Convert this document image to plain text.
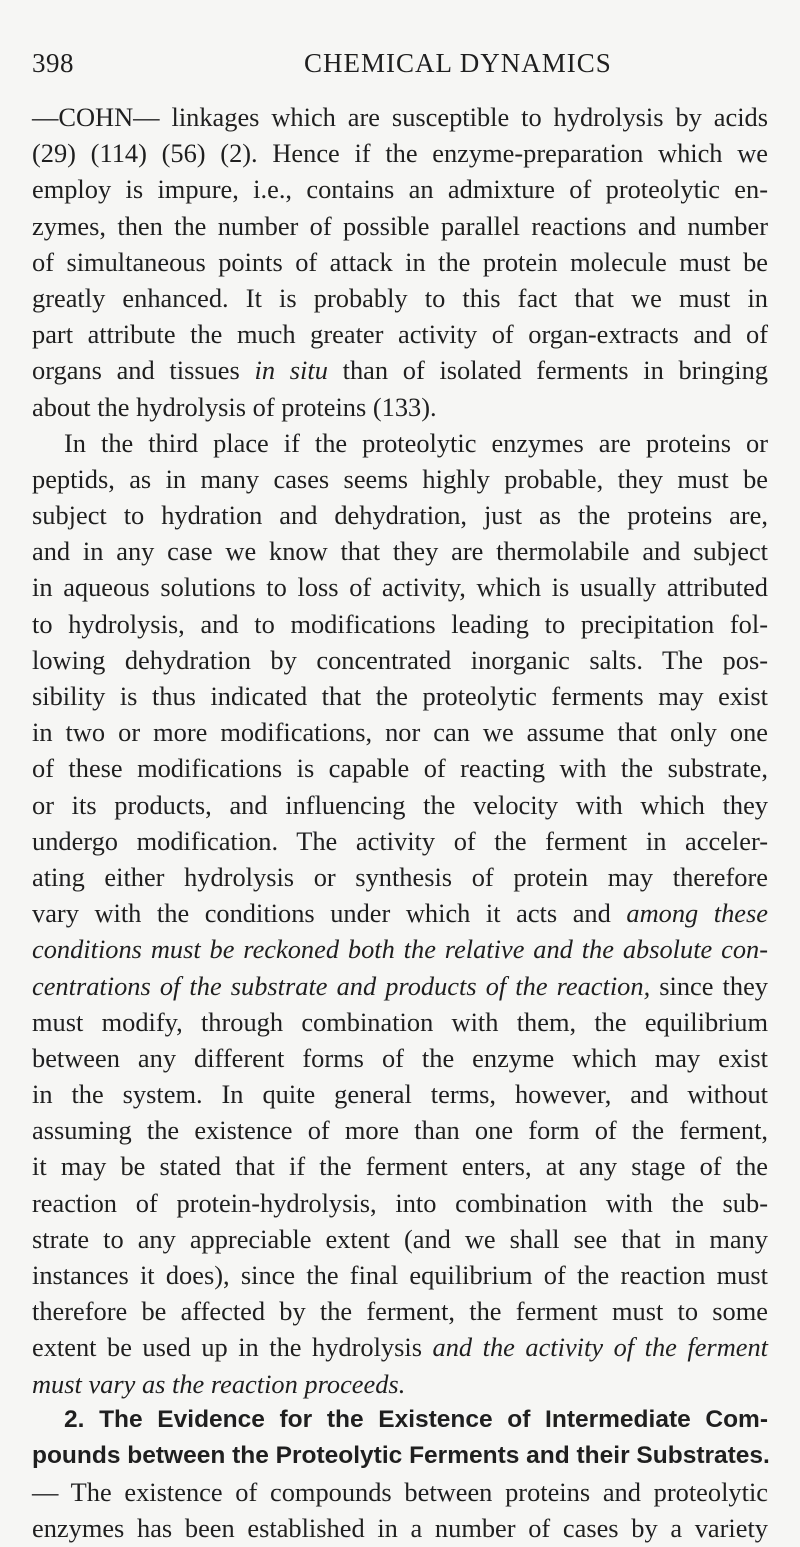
398	CHEMICAL DYNAMICS
—COHN— linkages which are susceptible to hydrolysis by acids
(29) (114) (56) (2). Hence if the enzyme-preparation which we
employ is impure, i.e., contains an admixture of proteolytic en-
zymes, then the number of possible parallel reactions and number
of simultaneous points of attack in the protein molecule must be
greatly enhanced. It is probably to this fact that we must in
part attribute the much greater activity of organ-extracts and of
organs and tissues in situ than of isolated ferments in bringing
about the hydrolysis of proteins (133).
In the third place if the proteolytic enzymes are proteins or
peptids, as in many cases seems highly probable, they must be
subject to hydration and dehydration, just as the proteins are,
and in any case we know that they are thermolabile and subject
in aqueous solutions to loss of activity, which is usually attributed
to hydrolysis, and to modifications leading to precipitation fol-
lowing dehydration by concentrated inorganic salts. The pos-
sibility is thus indicated that the proteolytic ferments may exist
in two or more modifications, nor can we assume that only one
of these modifications is capable of reacting with the substrate,
or its products, and influencing the velocity with which they
undergo modification. The activity of the ferment in acceler-
ating either hydrolysis or synthesis of protein may therefore
vary with the conditions under which it acts and among these
conditions must be reckoned both the relative and the absolute con-
centrations of the substrate and products of the reaction, since they
must modify, through combination with them, the equilibrium
between any different forms of the enzyme which may exist
in the system. In quite general terms, however, and without
assuming the existence of more than one form of the ferment,
it may be stated that if the ferment enters, at any stage of the
reaction of protein-hydrolysis, into combination with the sub-
strate to any appreciable extent (and we shall see that in many
instances it does), since the final equilibrium of the reaction must
therefore be affected by the ferment, the ferment must to some
extent be used up in the hydrolysis and the activity of the ferment
must vary as the reaction proceeds.
2. The Evidence for the Existence of Intermediate Com-
pounds between the Proteolytic Ferments and their Substrates.
— The existence of compounds between proteins and proteolytic
enzymes has been established in a number of cases by a variety
